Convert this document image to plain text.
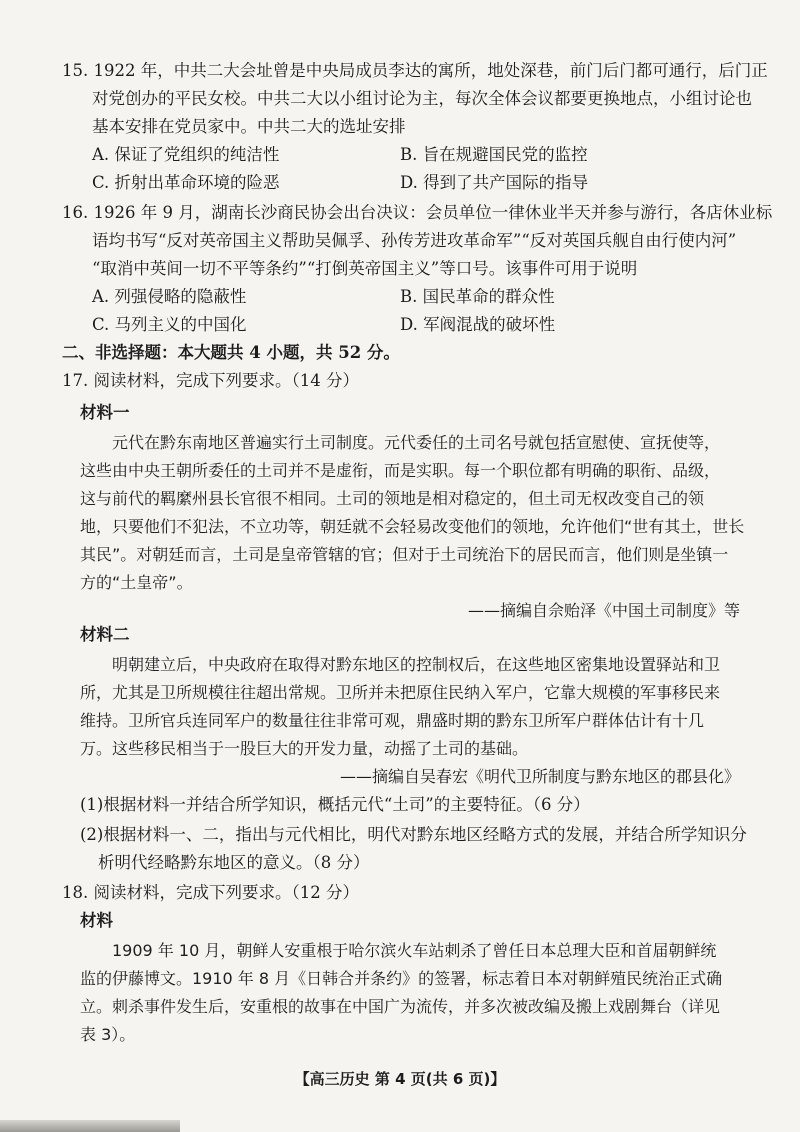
15. 1922 年，中共二大会址曾是中央局成员李达的寓所，地处深巷，前门后门都可通行，后门正
对党创办的平民女校。中共二大以小组讨论为主，每次全体会议都要更换地点，小组讨论也
基本安排在党员家中。中共二大的选址安排
A. 保证了党组织的纯洁性	B. 旨在规避国民党的监控
C. 折射出革命环境的险恶	D. 得到了共产国际的指导
16. 1926 年 9 月，湖南长沙商民协会出台决议：会员单位一律休业半天并参与游行，各店休业标
语均书写“反对英帝国主义帮助吴佩孚、孙传芳进攻革命军”“反对英国兵舰自由行使内河”
“取消中英间一切不平等条约”“打倒英帝国主义”等口号。该事件可用于说明
A. 列强侵略的隐蔽性	B. 国民革命的群众性
C. 马列主义的中国化	D. 军阀混战的破坏性
二、非选择题：本大题共 4 小题，共 52 分。
17. 阅读材料，完成下列要求。（14 分）
材料一
元代在黔东南地区普遍实行土司制度。元代委任的土司名号就包括宣慰使、宣抚使等，
这些由中央王朝所委任的土司并不是虚衔，而是实职。每一个职位都有明确的职衔、品级，
这与前代的羁縻州县长官很不相同。土司的领地是相对稳定的，但土司无权改变自己的领
地，只要他们不犯法，不立功等，朝廷就不会轻易改变他们的领地，允许他们“世有其土，世长
其民”。对朝廷而言，土司是皇帝管辖的官；但对于土司统治下的居民而言，他们则是坐镇一
方的“土皇帝”。
——摘编自佘贻泽《中国土司制度》等
材料二
明朝建立后，中央政府在取得对黔东地区的控制权后，在这些地区密集地设置驿站和卫
所，尤其是卫所规模往往超出常规。卫所并未把原住民纳入军户，它靠大规模的军事移民来
维持。卫所官兵连同军户的数量往往非常可观，鼎盛时期的黔东卫所军户群体估计有十几
万。这些移民相当于一股巨大的开发力量，动摇了土司的基础。
——摘编自吴春宏《明代卫所制度与黔东地区的郡县化》
(1)根据材料一并结合所学知识，概括元代“土司”的主要特征。（6 分）
(2)根据材料一、二，指出与元代相比，明代对黔东地区经略方式的发展，并结合所学知识分
析明代经略黔东地区的意义。（8 分）
18. 阅读材料，完成下列要求。（12 分）
材料
1909 年 10 月，朝鲜人安重根于哈尔滨火车站刺杀了曾任日本总理大臣和首届朝鲜统
监的伊藤博文。1910 年 8 月《日韩合并条约》的签署，标志着日本对朝鲜殖民统治正式确
立。刺杀事件发生后，安重根的故事在中国广为流传，并多次被改编及搬上戏剧舞台（详见
表 3）。
【高三历史 第 4 页(共 6 页)】
